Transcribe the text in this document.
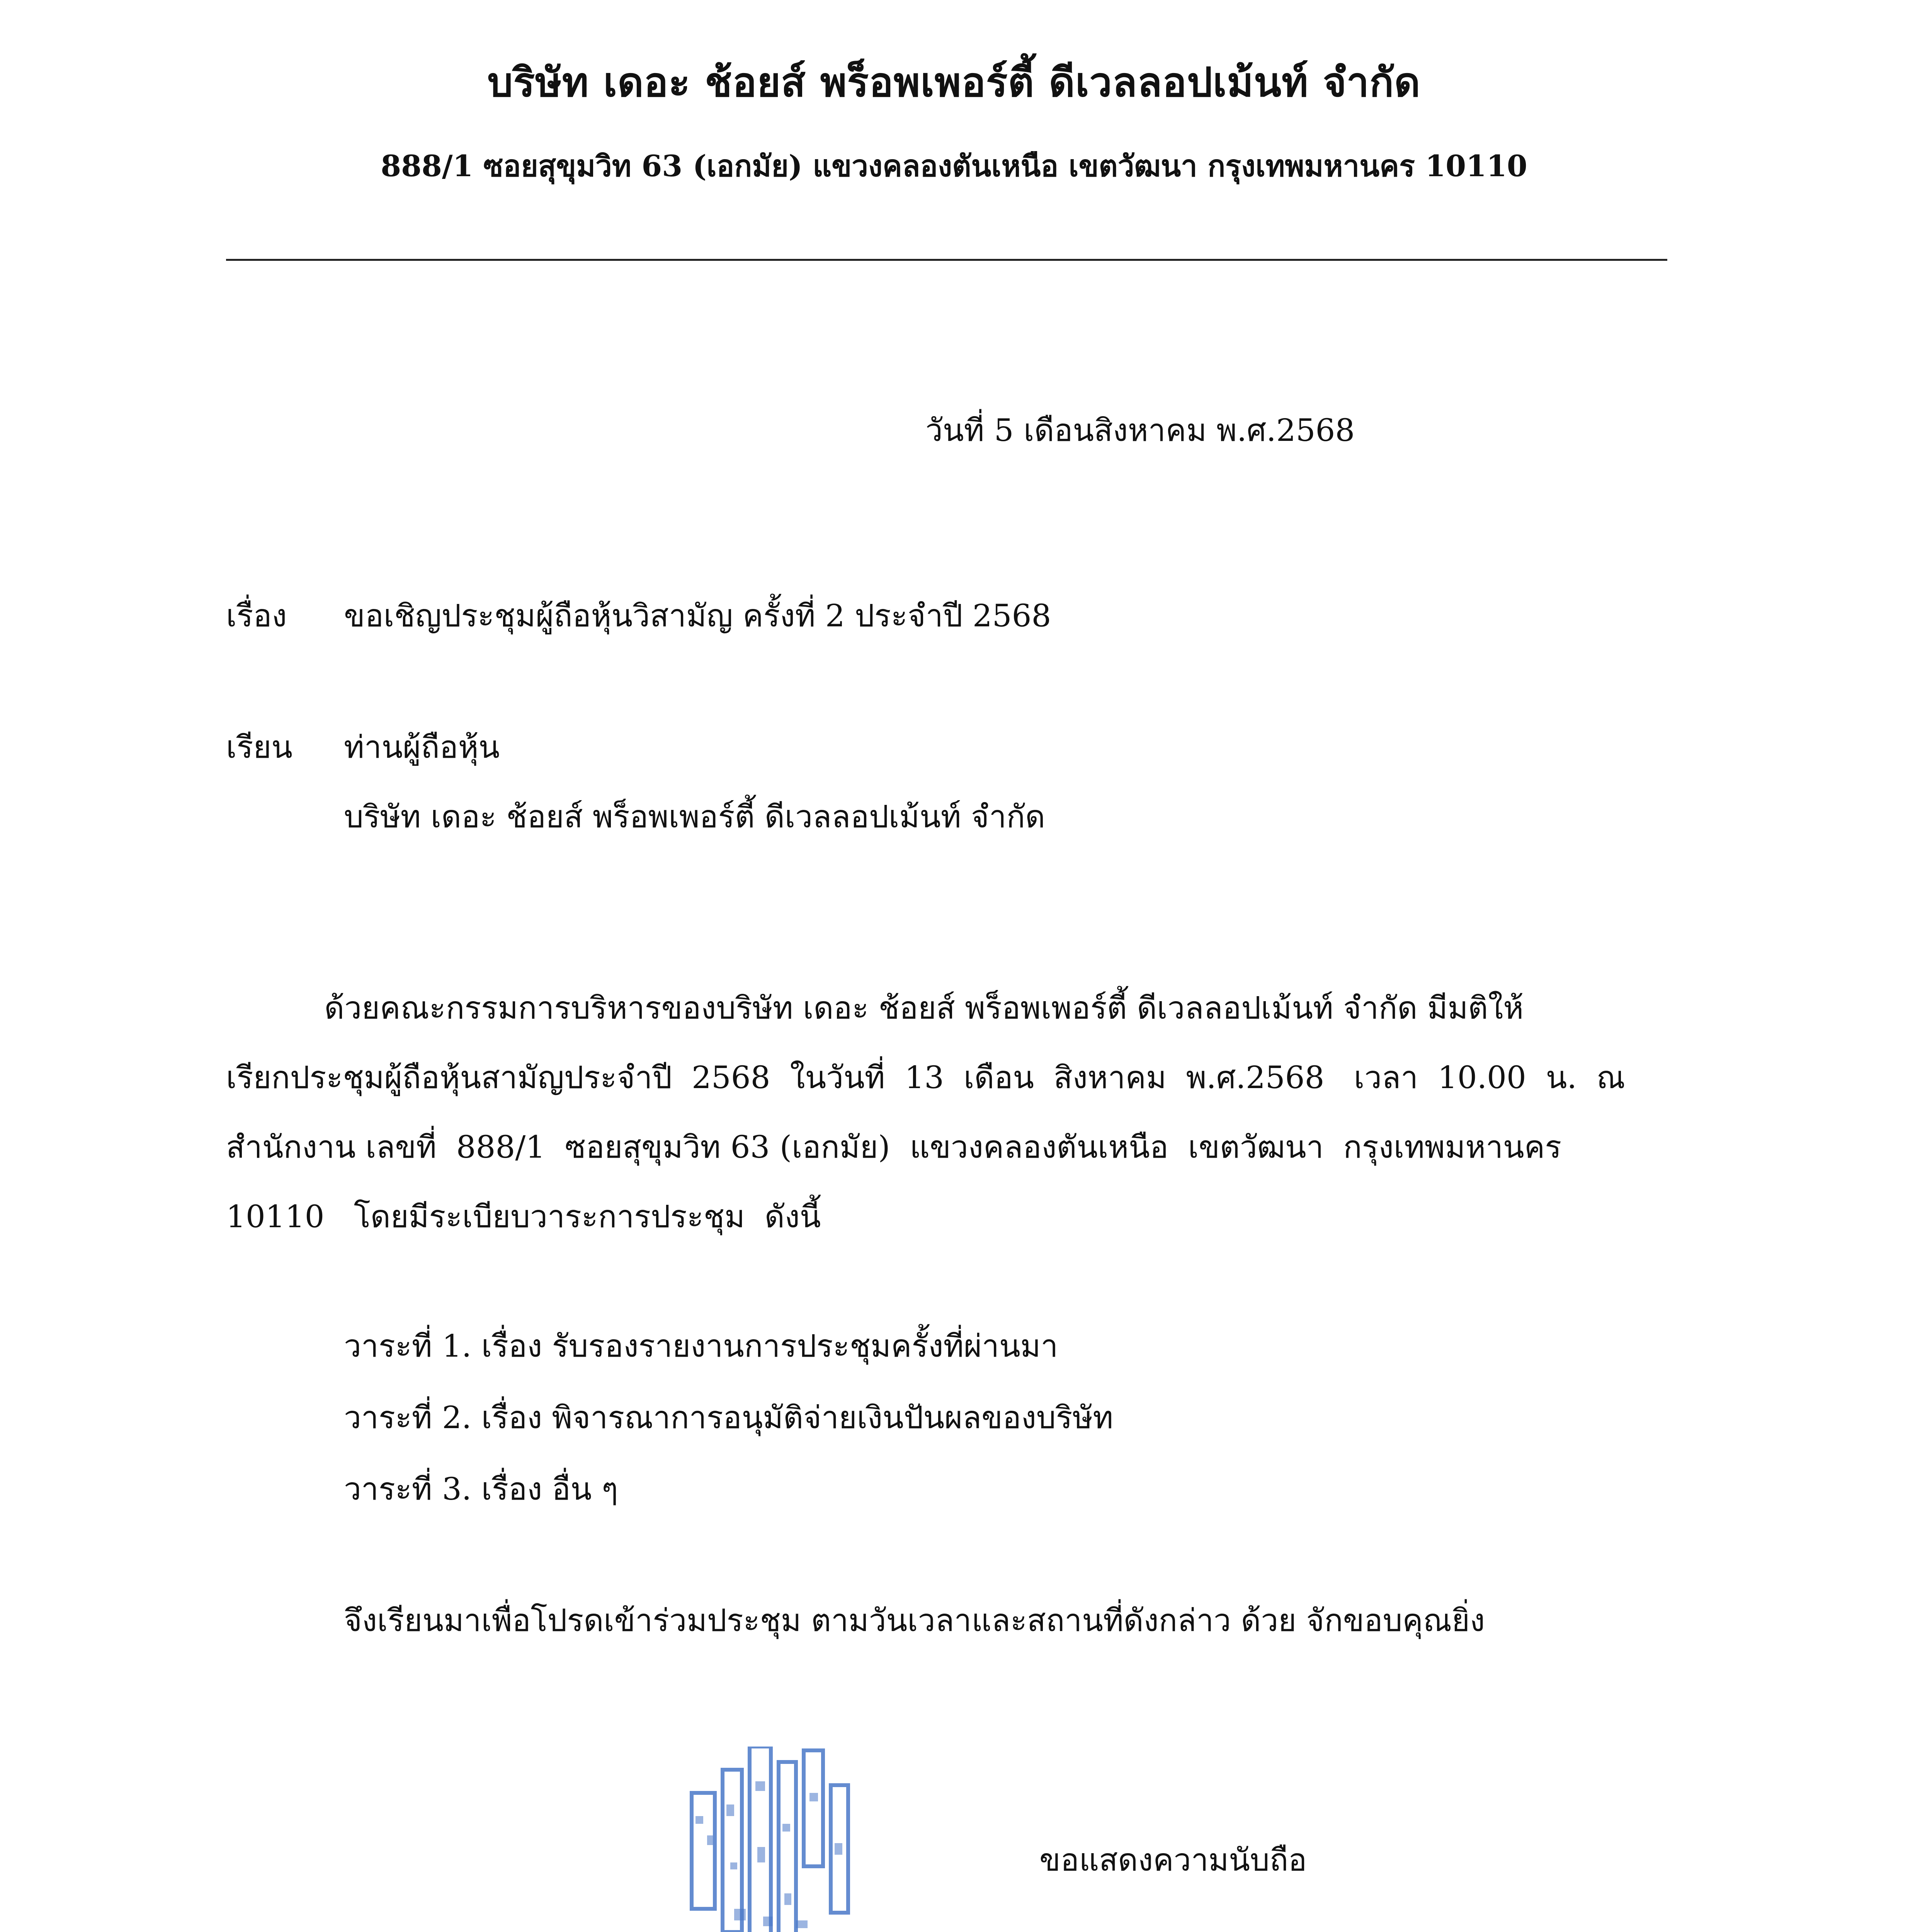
บริษัท เดอะ ช้อยส์ พร็อพเพอร์ตี้ ดีเวลลอปเม้นท์ จำกัด
888/1 ซอยสุขุมวิท 63 (เอกมัย) แขวงคลองตันเหนือ เขตวัฒนา กรุงเทพมหานคร 10110
วันที่ 5 เดือนสิงหาคม พ.ศ.2568
เรื่อง ขอเชิญประชุมผู้ถือหุ้นวิสามัญ ครั้งที่ 2 ประจำปี 2568
เรียน ท่านผู้ถือหุ้น
บริษัท เดอะ ช้อยส์ พร็อพเพอร์ตี้ ดีเวลลอปเม้นท์ จำกัด
ด้วยคณะกรรมการบริหารของบริษัท เดอะ ช้อยส์ พร็อพเพอร์ตี้ ดีเวลลอปเม้นท์ จำกัด มีมติให้
เรียกประชุมผู้ถือหุ้นสามัญประจำปี  2568  ในวันที่  13  เดือน  สิงหาคม  พ.ศ.2568   เวลา  10.00  น.  ณ
สำนักงาน เลขที่  888/1  ซอยสุขุมวิท 63 (เอกมัย)  แขวงคลองตันเหนือ  เขตวัฒนา  กรุงเทพมหานคร
10110   โดยมีระเบียบวาระการประชุม  ดังนี้
วาระที่ 1. เรื่อง รับรองรายงานการประชุมครั้งที่ผ่านมา
วาระที่ 2. เรื่อง พิจารณาการอนุมัติจ่ายเงินปันผลของบริษัท
วาระที่ 3. เรื่อง อื่น ๆ
จึงเรียนมาเพื่อโปรดเข้าร่วมประชุม ตามวันเวลาและสถานที่ดังกล่าว ด้วย จักขอบคุณยิ่ง
ขอแสดงความนับถือ
